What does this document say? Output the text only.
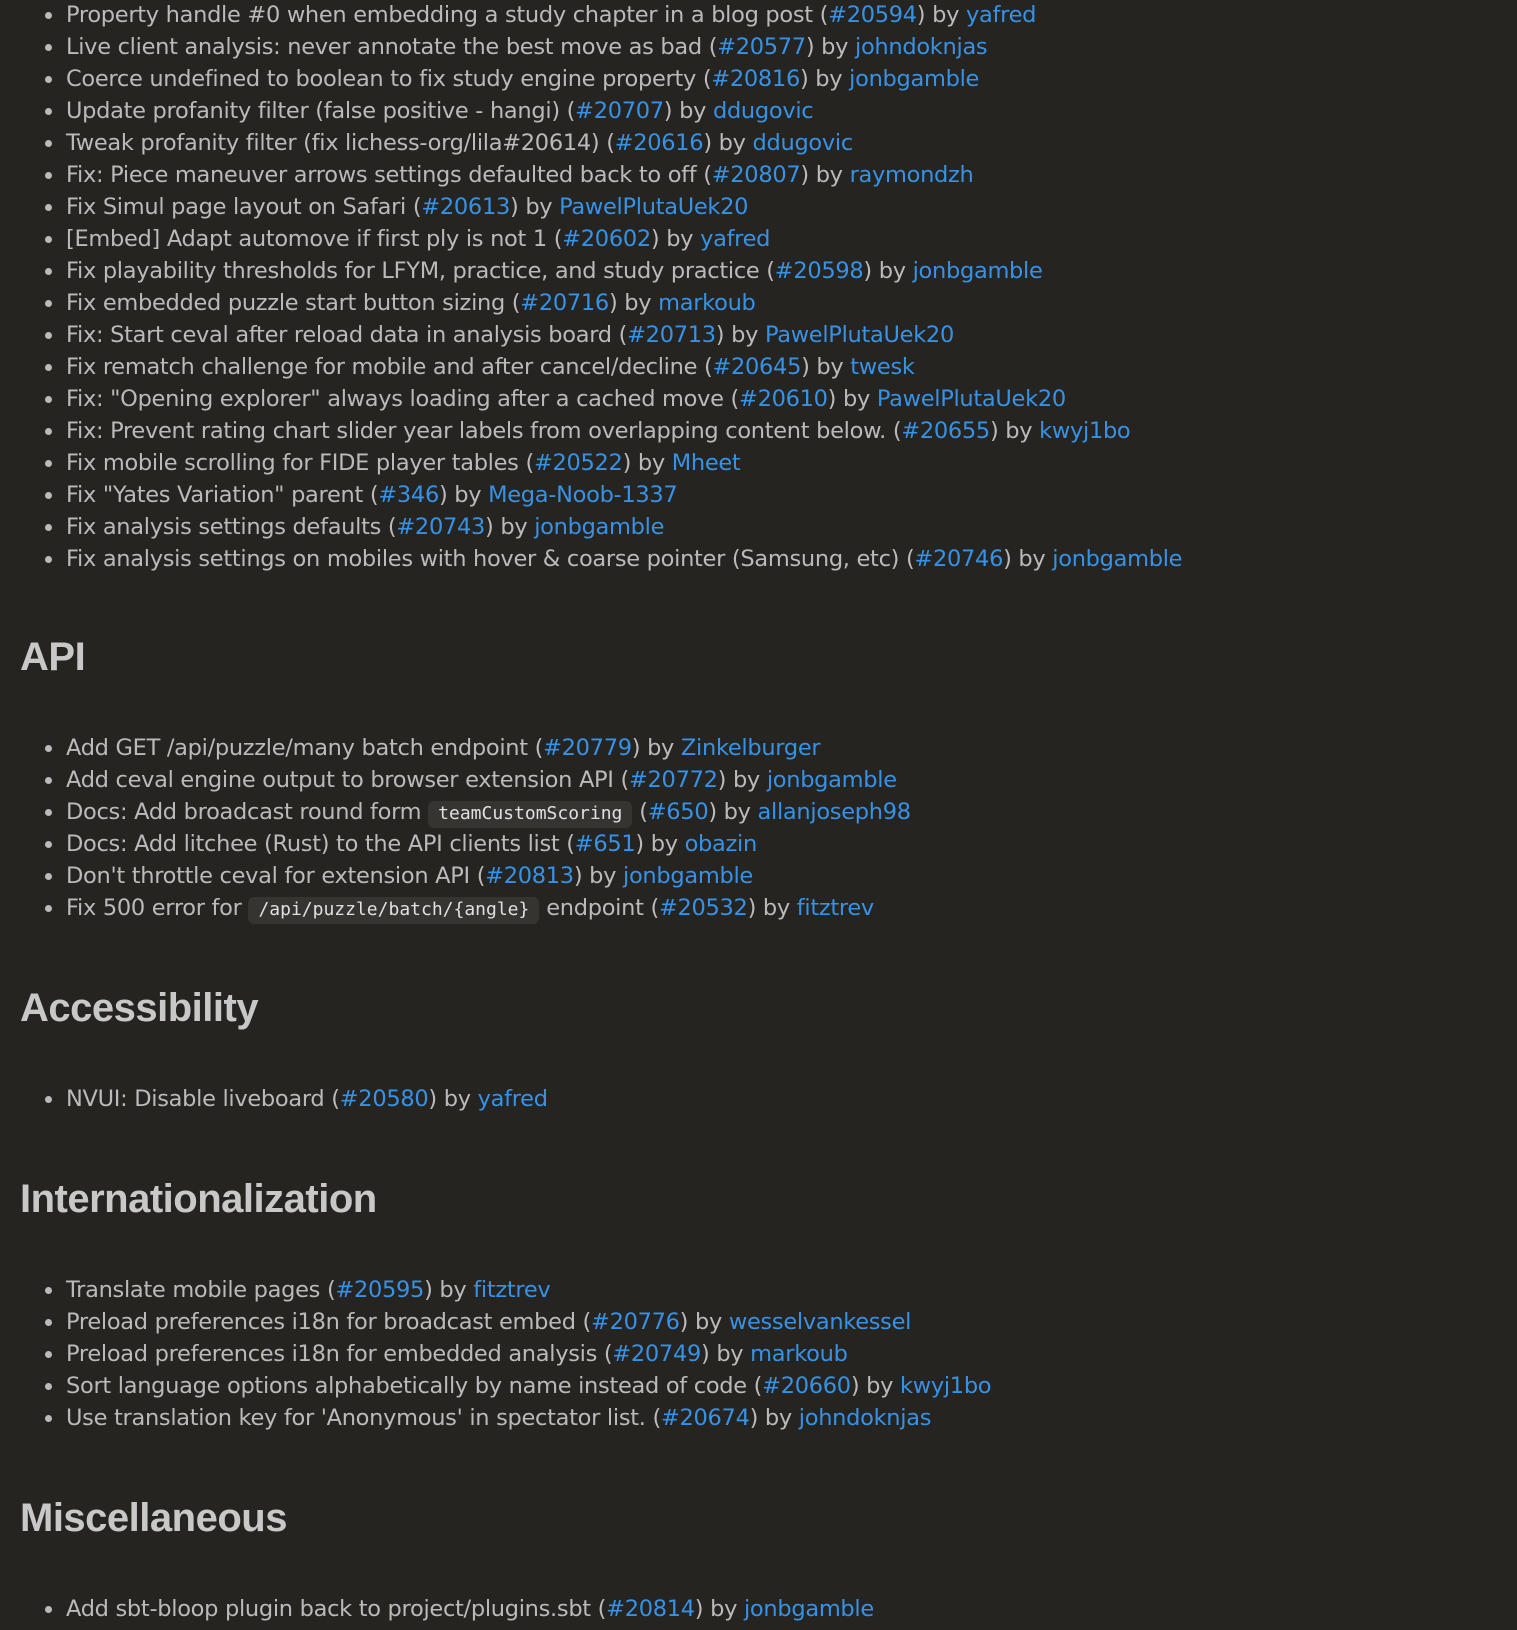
Property handle #0 when embedding a study chapter in a blog post (#20594) by yafred
Live client analysis: never annotate the best move as bad (#20577) by johndoknjas
Coerce undefined to boolean to fix study engine property (#20816) by jonbgamble
Update profanity filter (false positive - hangi) (#20707) by ddugovic
Tweak profanity filter (fix lichess-org/lila#20614) (#20616) by ddugovic
Fix: Piece maneuver arrows settings defaulted back to off (#20807) by raymondzh
Fix Simul page layout on Safari (#20613) by PawelPlutaUek20
[Embed] Adapt automove if first ply is not 1 (#20602) by yafred
Fix playability thresholds for LFYM, practice, and study practice (#20598) by jonbgamble
Fix embedded puzzle start button sizing (#20716) by markoub
Fix: Start ceval after reload data in analysis board (#20713) by PawelPlutaUek20
Fix rematch challenge for mobile and after cancel/decline (#20645) by twesk
Fix: "Opening explorer" always loading after a cached move (#20610) by PawelPlutaUek20
Fix: Prevent rating chart slider year labels from overlapping content below. (#20655) by kwyj1bo
Fix mobile scrolling for FIDE player tables (#20522) by Mheet
Fix "Yates Variation" parent (#346) by Mega-Noob-1337
Fix analysis settings defaults (#20743) by jonbgamble
Fix analysis settings on mobiles with hover & coarse pointer (Samsung, etc) (#20746) by jonbgamble
API
Add GET /api/puzzle/many batch endpoint (#20779) by Zinkelburger
Add ceval engine output to browser extension API (#20772) by jonbgamble
Docs: Add broadcast round form teamCustomScoring (#650) by allanjoseph98
Docs: Add litchee (Rust) to the API clients list (#651) by obazin
Don't throttle ceval for extension API (#20813) by jonbgamble
Fix 500 error for /api/puzzle/batch/{angle} endpoint (#20532) by fitztrev
Accessibility
NVUI: Disable liveboard (#20580) by yafred
Internationalization
Translate mobile pages (#20595) by fitztrev
Preload preferences i18n for broadcast embed (#20776) by wesselvankessel
Preload preferences i18n for embedded analysis (#20749) by markoub
Sort language options alphabetically by name instead of code (#20660) by kwyj1bo
Use translation key for 'Anonymous' in spectator list. (#20674) by johndoknjas
Miscellaneous
Add sbt-bloop plugin back to project/plugins.sbt (#20814) by jonbgamble
